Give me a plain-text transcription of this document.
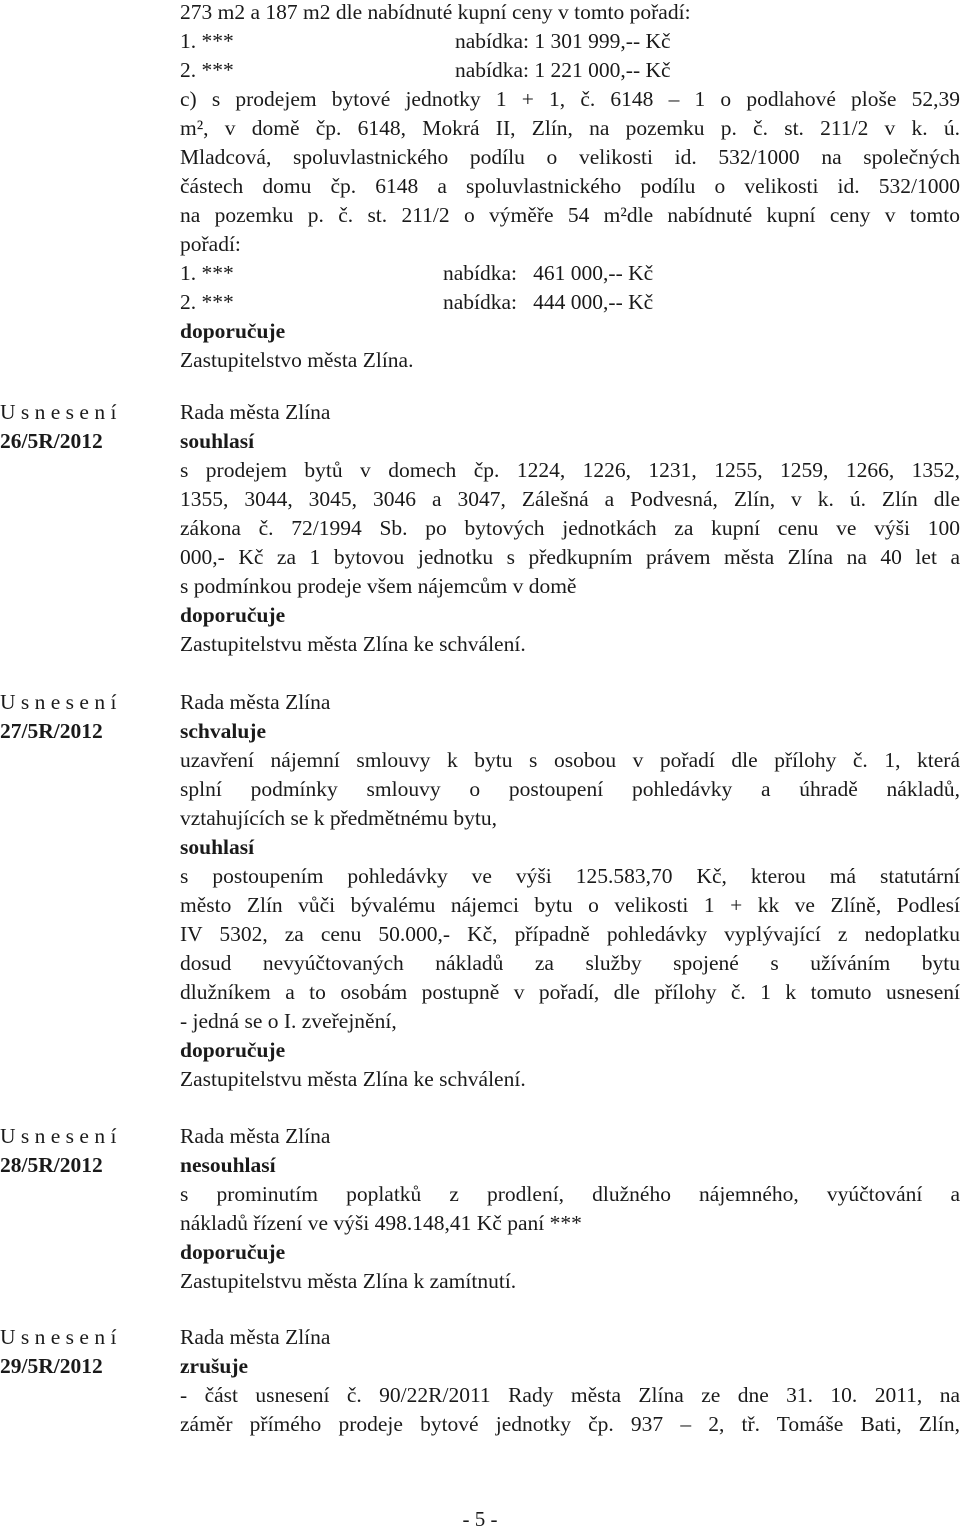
273 m2 a 187 m2 dle nabídnuté kupní ceny v tomto pořadí:
1. ***	nabídka: 1 301 999,-- Kč
2. ***	nabídka: 1 221 000,-- Kč
c) s prodejem bytové jednotky 1 + 1, č. 6148 – 1 o podlahové ploše 52,39
m², v domě čp. 6148, Mokrá II, Zlín, na pozemku p. č. st. 211/2 v k. ú.
Mladcová, spoluvlastnického podílu o velikosti id. 532/1000 na společných
částech domu čp. 6148 a spoluvlastnického podílu o velikosti id. 532/1000
na pozemku p. č. st. 211/2 o výměře 54 m²dle nabídnuté kupní ceny v tomto
pořadí:
1. ***	nabídka:   461 000,-- Kč
2. ***	nabídka:   444 000,-- Kč
doporučuje
Zastupitelstvo města Zlína.
U s n e s e n í
26/5R/2012
Rada města Zlína
souhlasí
s prodejem bytů v domech čp. 1224, 1226, 1231, 1255, 1259, 1266, 1352,
1355, 3044, 3045, 3046 a 3047, Zálešná a Podvesná, Zlín, v k. ú. Zlín dle
zákona č. 72/1994 Sb. po bytových jednotkách za kupní cenu ve výši 100
000,- Kč za 1 bytovou jednotku s předkupním právem města Zlína na 40 let a
s podmínkou prodeje všem nájemcům v domě
doporučuje
Zastupitelstvu města Zlína ke schválení.
U s n e s e n í
27/5R/2012
Rada města Zlína
schvaluje
uzavření nájemní smlouvy k bytu s osobou v pořadí dle přílohy č. 1, která
splní podmínky smlouvy o postoupení pohledávky a úhradě nákladů,
vztahujících se k předmětnému bytu,
souhlasí
s postoupením pohledávky ve výši 125.583,70 Kč, kterou má statutární
město Zlín vůči bývalému nájemci bytu o velikosti 1 + kk ve Zlíně, Podlesí
IV 5302, za cenu 50.000,- Kč, případně pohledávky vyplývající z nedoplatku
dosud nevyúčtovaných nákladů za služby spojené s užíváním bytu
dlužníkem a to osobám postupně v pořadí, dle přílohy č. 1 k tomuto usnesení
- jedná se o I. zveřejnění,
doporučuje
Zastupitelstvu města Zlína ke schválení.
U s n e s e n í
28/5R/2012
Rada města Zlína
nesouhlasí
s prominutím poplatků z prodlení, dlužného nájemného, vyúčtování a
nákladů řízení ve výši 498.148,41 Kč paní ***
doporučuje
Zastupitelstvu města Zlína k zamítnutí.
U s n e s e n í
29/5R/2012
Rada města Zlína
zrušuje
- část usnesení č. 90/22R/2011 Rady města Zlína ze dne 31. 10. 2011, na
záměr přímého prodeje bytové jednotky čp. 937 – 2, tř. Tomáše Bati, Zlín,
- 5 -
